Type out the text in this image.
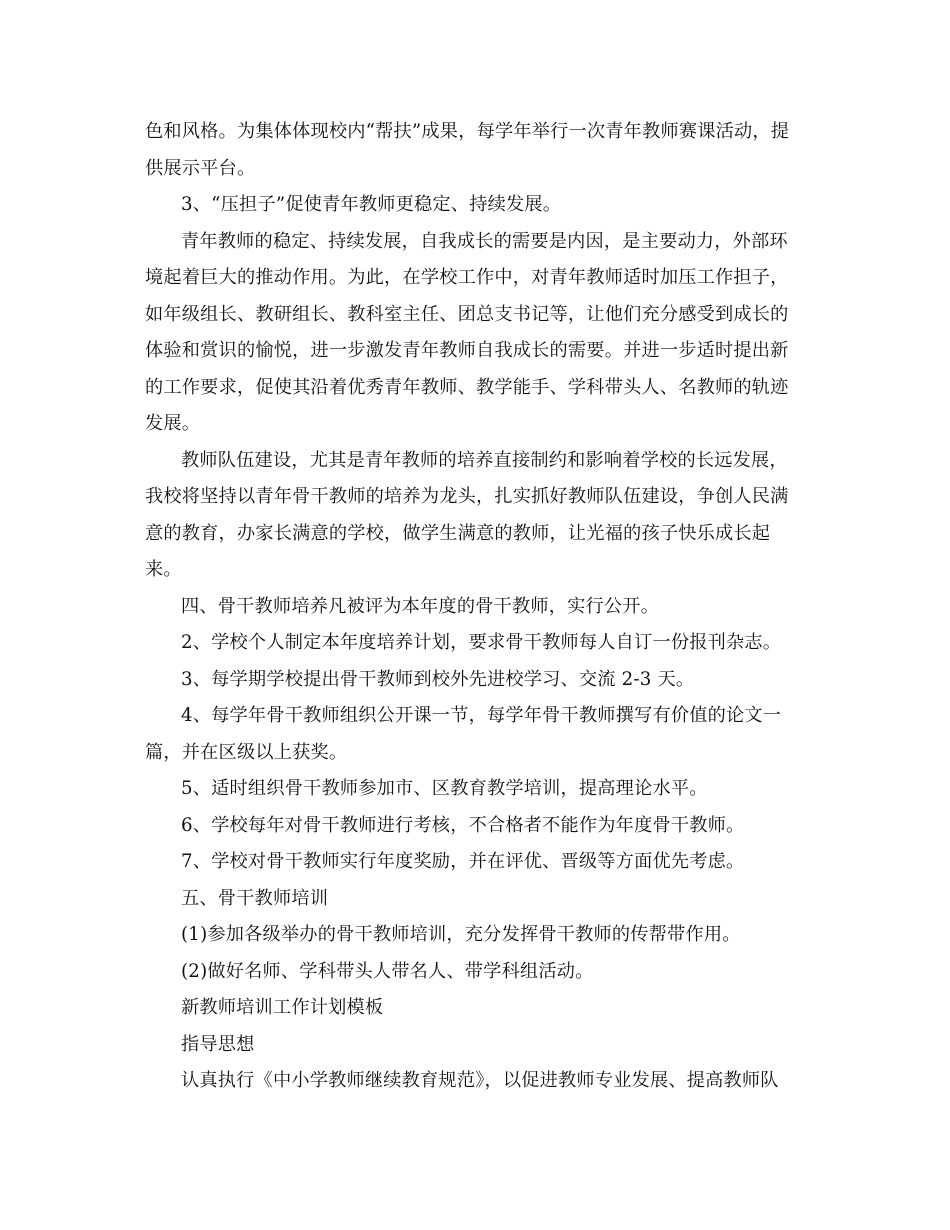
色和风格。为集体体现校内“帮扶”成果，每学年举行一次青年教师赛课活动，提
供展示平台。
3、“压担子”促使青年教师更稳定、持续发展。
青年教师的稳定、持续发展，自我成长的需要是内因，是主要动力，外部环
境起着巨大的推动作用。为此，在学校工作中，对青年教师适时加压工作担子，
如年级组长、教研组长、教科室主任、团总支书记等，让他们充分感受到成长的
体验和赏识的愉悦，进一步激发青年教师自我成长的需要。并进一步适时提出新
的工作要求，促使其沿着优秀青年教师、教学能手、学科带头人、名教师的轨迹
发展。
教师队伍建设，尤其是青年教师的培养直接制约和影响着学校的长远发展，
我校将坚持以青年骨干教师的培养为龙头，扎实抓好教师队伍建设，争创人民满
意的教育，办家长满意的学校，做学生满意的教师，让光福的孩子快乐成长起
来。
四、骨干教师培养凡被评为本年度的骨干教师，实行公开。
2、学校个人制定本年度培养计划，要求骨干教师每人自订一份报刊杂志。
3、每学期学校提出骨干教师到校外先进校学习、交流 2-3 天。
4、每学年骨干教师组织公开课一节，每学年骨干教师撰写有价值的论文一
篇，并在区级以上获奖。
5、适时组织骨干教师参加市、区教育教学培训，提高理论水平。
6、学校每年对骨干教师进行考核，不合格者不能作为年度骨干教师。
7、学校对骨干教师实行年度奖励，并在评优、晋级等方面优先考虑。
五、骨干教师培训
(1)参加各级举办的骨干教师培训，充分发挥骨干教师的传帮带作用。
(2)做好名师、学科带头人带名人、带学科组活动。
新教师培训工作计划模板
指导思想
认真执行《中小学教师继续教育规范》，以促进教师专业发展、提高教师队
